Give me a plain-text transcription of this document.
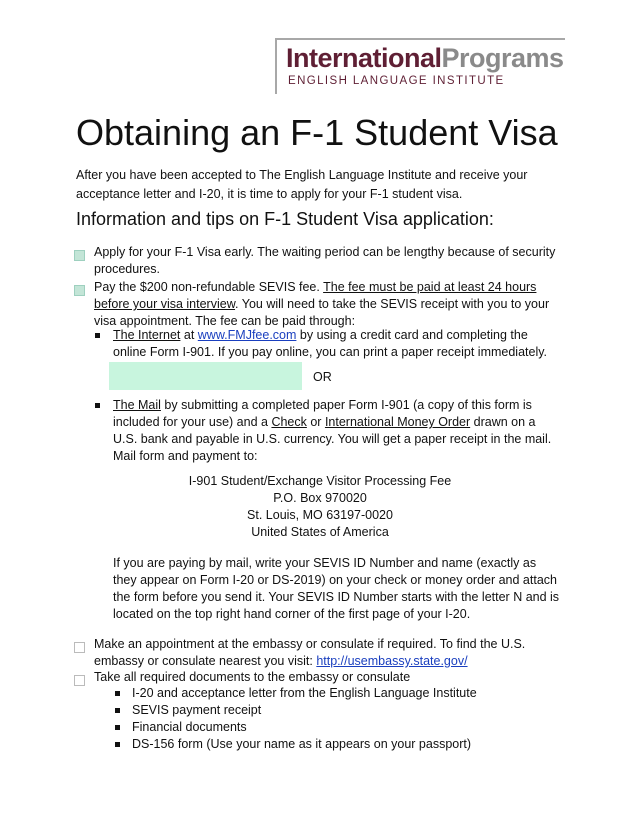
InternationalPrograms
ENGLISH LANGUAGE INSTITUTE
Obtaining an F-1 Student Visa
After you have been accepted to The English Language Institute and receive your acceptance letter and I-20, it is time to apply for your F-1 student visa.
Information and tips on F-1 Student Visa application:
Apply for your F-1 Visa early. The waiting period can be lengthy because of security procedures.
Pay the $200 non-refundable SEVIS fee. The fee must be paid at least 24 hours before your visa interview. You will need to take the SEVIS receipt with you to your visa appointment. The fee can be paid through:
The Internet at www.FMJfee.com by using a credit card and completing the online Form I-901. If you pay online, you can print a paper receipt immediately.
OR
The Mail by submitting a completed paper Form I-901 (a copy of this form is included for your use) and a Check or International Money Order drawn on a U.S. bank and payable in U.S. currency. You will get a paper receipt in the mail. Mail form and payment to:
I-901 Student/Exchange Visitor Processing Fee
P.O. Box 970020
St. Louis, MO 63197-0020
United States of America
If you are paying by mail, write your SEVIS ID Number and name (exactly as they appear on Form I-20 or DS-2019) on your check or money order and attach the form before you send it. Your SEVIS ID Number starts with the letter N and is located on the top right hand corner of the first page of your I-20.
Make an appointment at the embassy or consulate if required. To find the U.S. embassy or consulate nearest you visit: http://usembassy.state.gov/
Take all required documents to the embassy or consulate
I-20 and acceptance letter from the English Language Institute
SEVIS payment receipt
Financial documents
DS-156 form (Use your name as it appears on your passport)
